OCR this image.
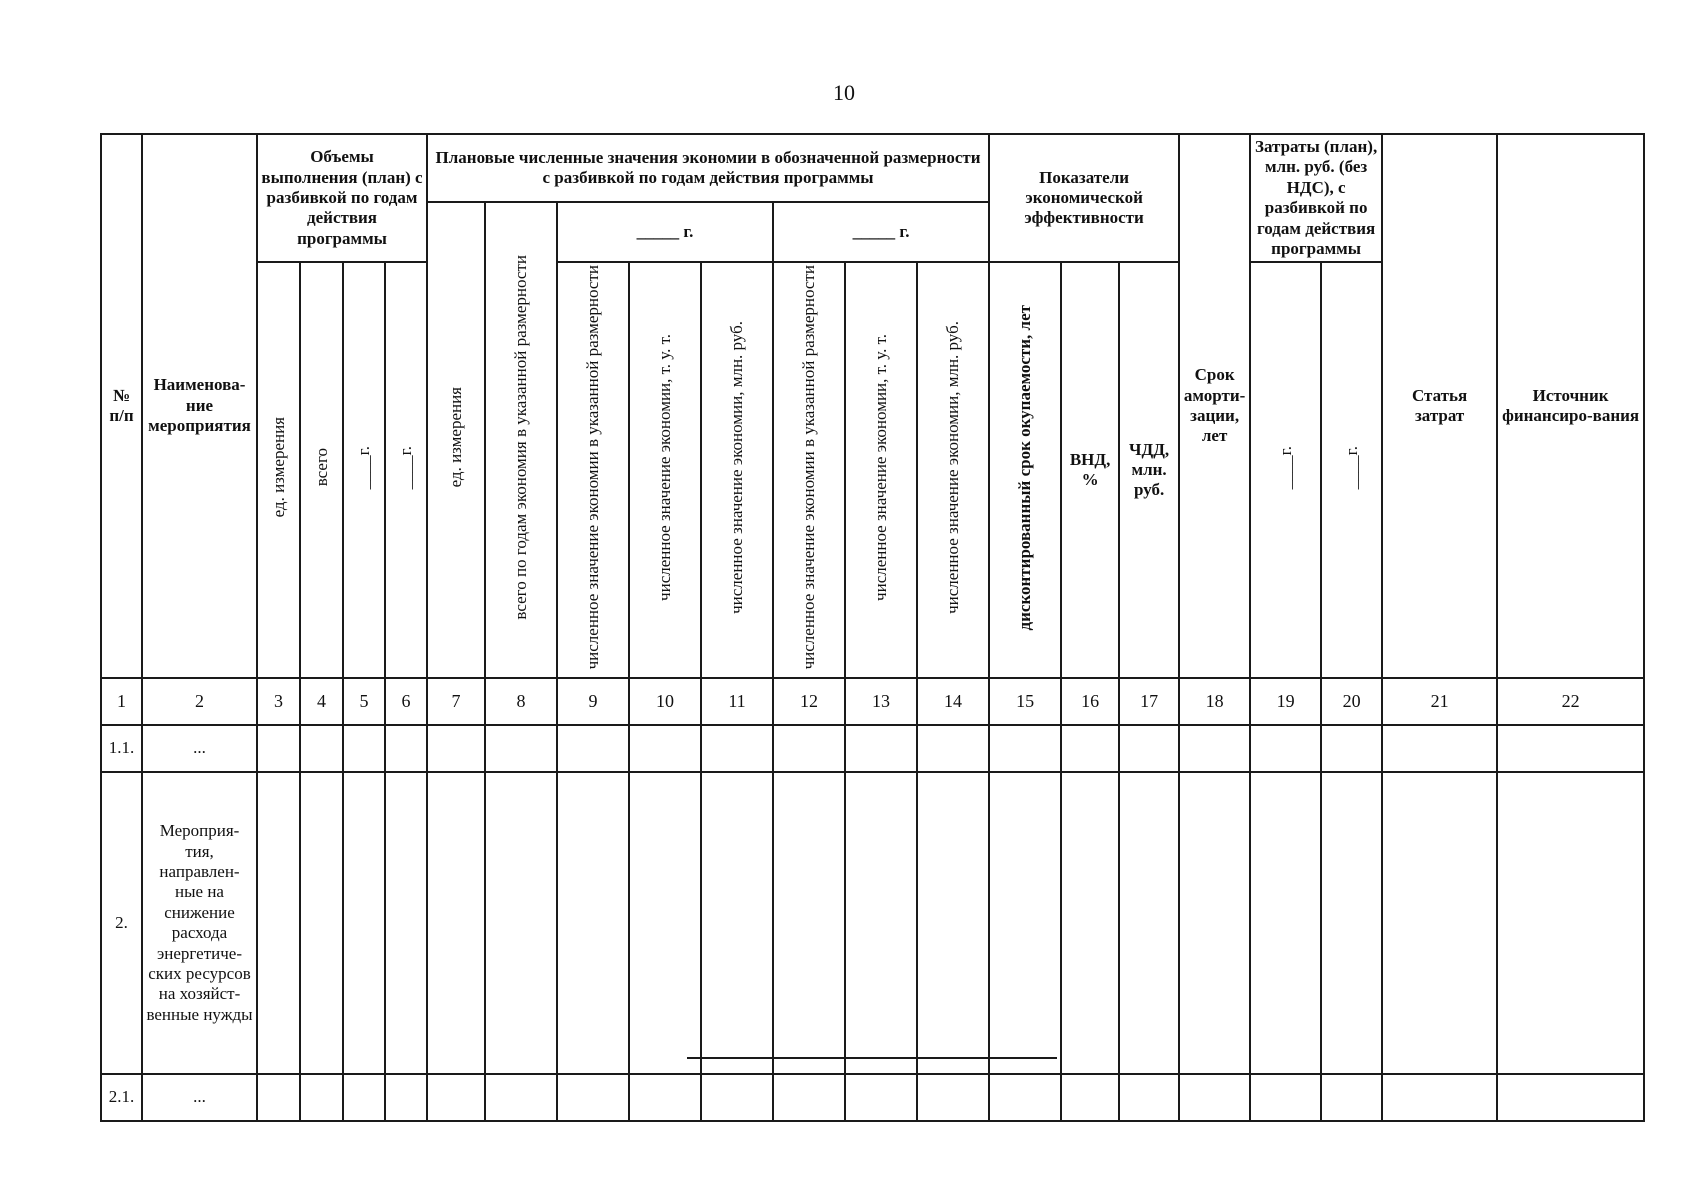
10
№ п/п	Наименова-ние мероприятия	Объемы выполнения (план) с разбивкой по годам действия программы				Плановые численные значения экономии в обозначенной размерности с разбивкой по годам действия программы								Показатели экономической эффективности			Срок аморти-зации, лет	Затраты (план), млн. руб. (без НДС), с разбивкой по годам действия программы		Статья затрат	Источник финансиро-вания
						ед. измерения	всего по годам экономия в указанной размерности	_____ г.			_____ г.										
		ед. измерения	всего	____г.	____г.			численное значение экономии в указанной размерности	численное значение экономии, т. у. т.	численное значение экономии, млн. руб.	численное значение экономии в указанной размерности	численное значение экономии, т. у. т.	численное значение экономии, млн. руб.	дисконтированный срок окупаемости, лет	ВНД, %	ЧДД, млн. руб.		____г.	____г.		
1	2	3	4	5	6	7	8	9	10	11	12	13	14	15	16	17	18	19	20	21	22
1.1.	...																				
2.	Мероприя-тия, направлен-ные на снижение расхода энергетиче-ских ресурсов на хозяйст-венные нужды																				
2.1.	...																				
